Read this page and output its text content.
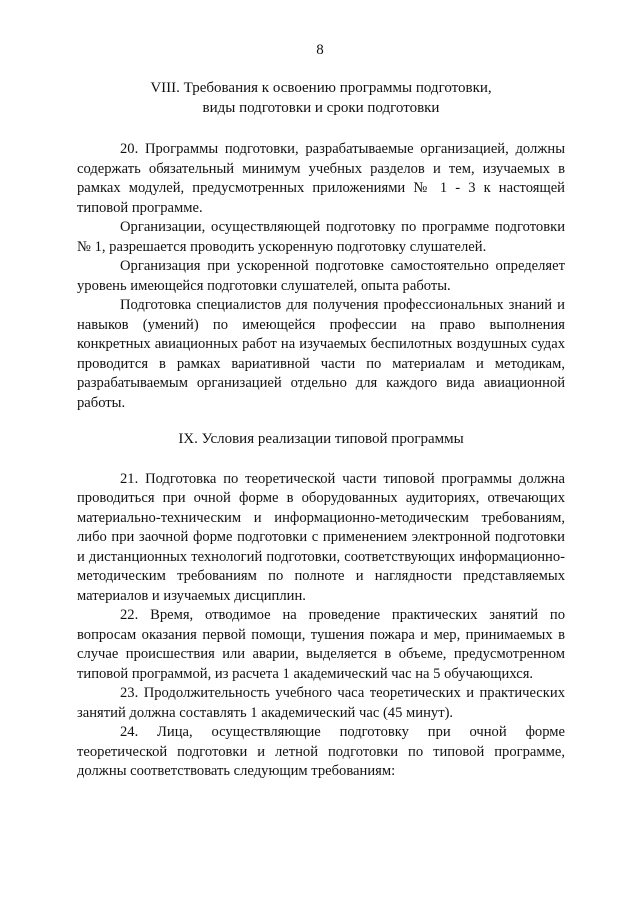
8
VIII. Требования к освоению программы подготовки,
виды подготовки и сроки подготовки

20. Программы подготовки, разрабатываемые организацией, должны содержать обязательный минимум учебных разделов и тем, изучаемых в рамках модулей, предусмотренных приложениями № 1 - 3 к настоящей типовой программе.

Организации, осуществляющей подготовку по программе подготовки № 1, разрешается проводить ускоренную подготовку слушателей.

Организация при ускоренной подготовке самостоятельно определяет уровень имеющейся подготовки слушателей, опыта работы.

Подготовка специалистов для получения профессиональных знаний и навыков (умений) по имеющейся профессии на право выполнения конкретных авиационных работ на изучаемых беспилотных воздушных судах проводится в рамках вариативной части по материалам и методикам, разрабатываемым организацией отдельно для каждого вида авиационной работы.

IX. Условия реализации типовой программы

21. Подготовка по теоретической части типовой программы должна проводиться при очной форме в оборудованных аудиториях, отвечающих материально-техническим и информационно-методическим требованиям, либо при заочной форме подготовки с применением электронной подготовки и дистанционных технологий подготовки, соответствующих информационно-методическим требованиям по полноте и наглядности представляемых материалов и изучаемых дисциплин.

22. Время, отводимое на проведение практических занятий по вопросам оказания первой помощи, тушения пожара и мер, принимаемых в случае происшествия или аварии, выделяется в объеме, предусмотренном типовой программой, из расчета 1 академический час на 5 обучающихся.

23. Продолжительность учебного часа теоретических и практических занятий должна составлять 1 академический час (45 минут).

24. Лица, осуществляющие подготовку при очной форме теоретической подготовки и летной подготовки по типовой программе, должны соответствовать следующим требованиям:
